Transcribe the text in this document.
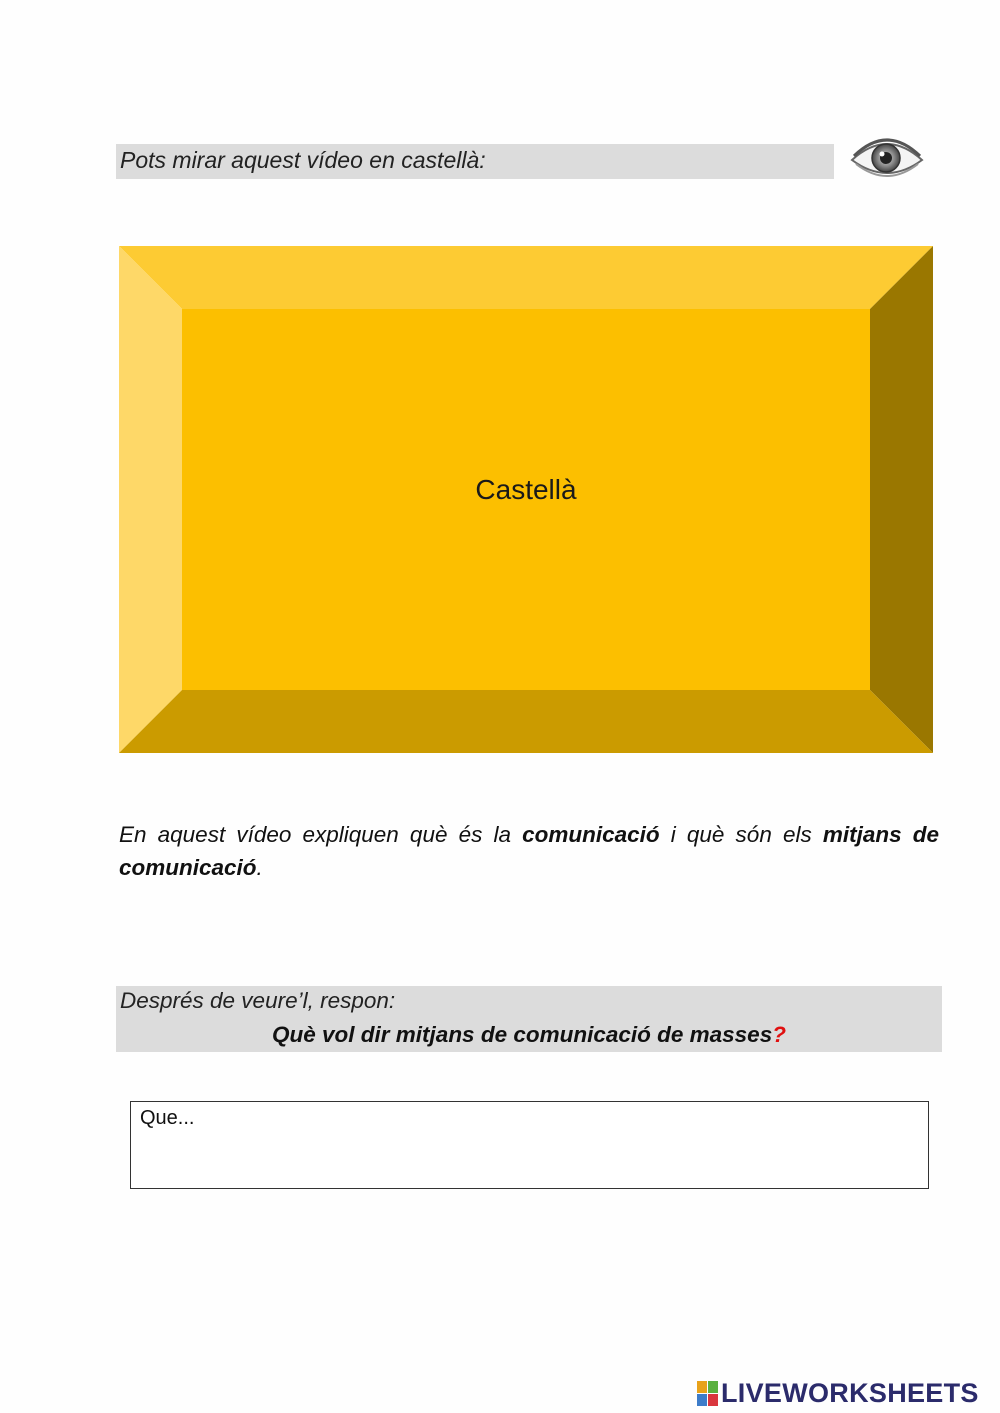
Pots mirar aquest vídeo en castellà:
Castellà
En aquest vídeo expliquen què és la comunicació i què són els mitjans de comunicació.
Després de veure’l, respon:
Què vol dir mitjans de comunicació de masses?
Que...
LIVEWORKSHEETS
